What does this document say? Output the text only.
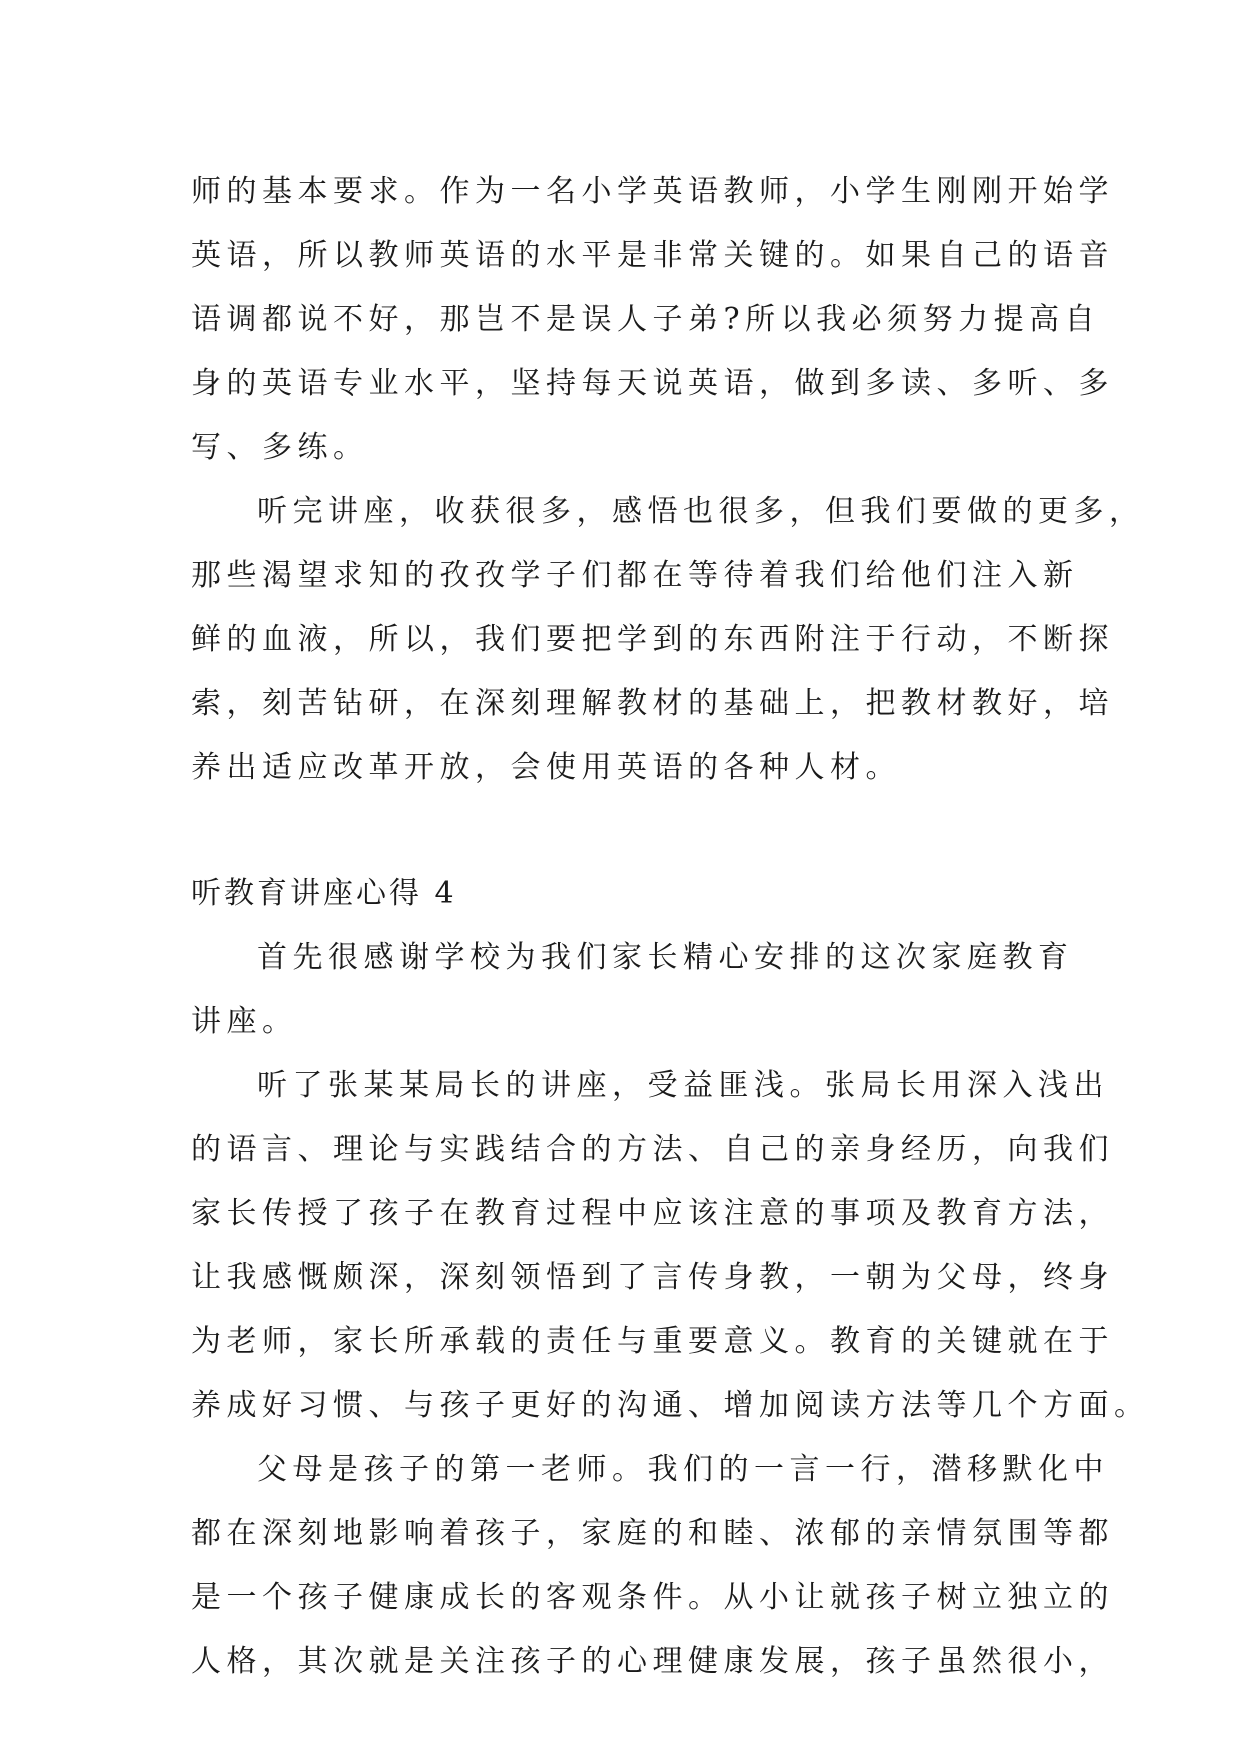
师的基本要求。作为一名小学英语教师，小学生刚刚开始学
英语，所以教师英语的水平是非常关键的。如果自己的语音
语调都说不好，那岂不是误人子弟?所以我必须努力提高自
身的英语专业水平，坚持每天说英语，做到多读、多听、多
写、多练。
听完讲座，收获很多，感悟也很多，但我们要做的更多，
那些渴望求知的孜孜学子们都在等待着我们给他们注入新
鲜的血液，所以，我们要把学到的东西附注于行动，不断探
索，刻苦钻研，在深刻理解教材的基础上，把教材教好，培
养出适应改革开放，会使用英语的各种人材。
听教育讲座心得 4
首先很感谢学校为我们家长精心安排的这次家庭教育
讲座。
听了张某某局长的讲座，受益匪浅。张局长用深入浅出
的语言、理论与实践结合的方法、自己的亲身经历，向我们
家长传授了孩子在教育过程中应该注意的事项及教育方法，
让我感慨颇深，深刻领悟到了言传身教，一朝为父母，终身
为老师，家长所承载的责任与重要意义。教育的关键就在于
养成好习惯、与孩子更好的沟通、增加阅读方法等几个方面。
父母是孩子的第一老师。我们的一言一行，潜移默化中
都在深刻地影响着孩子，家庭的和睦、浓郁的亲情氛围等都
是一个孩子健康成长的客观条件。从小让就孩子树立独立的
人格，其次就是关注孩子的心理健康发展，孩子虽然很小，
